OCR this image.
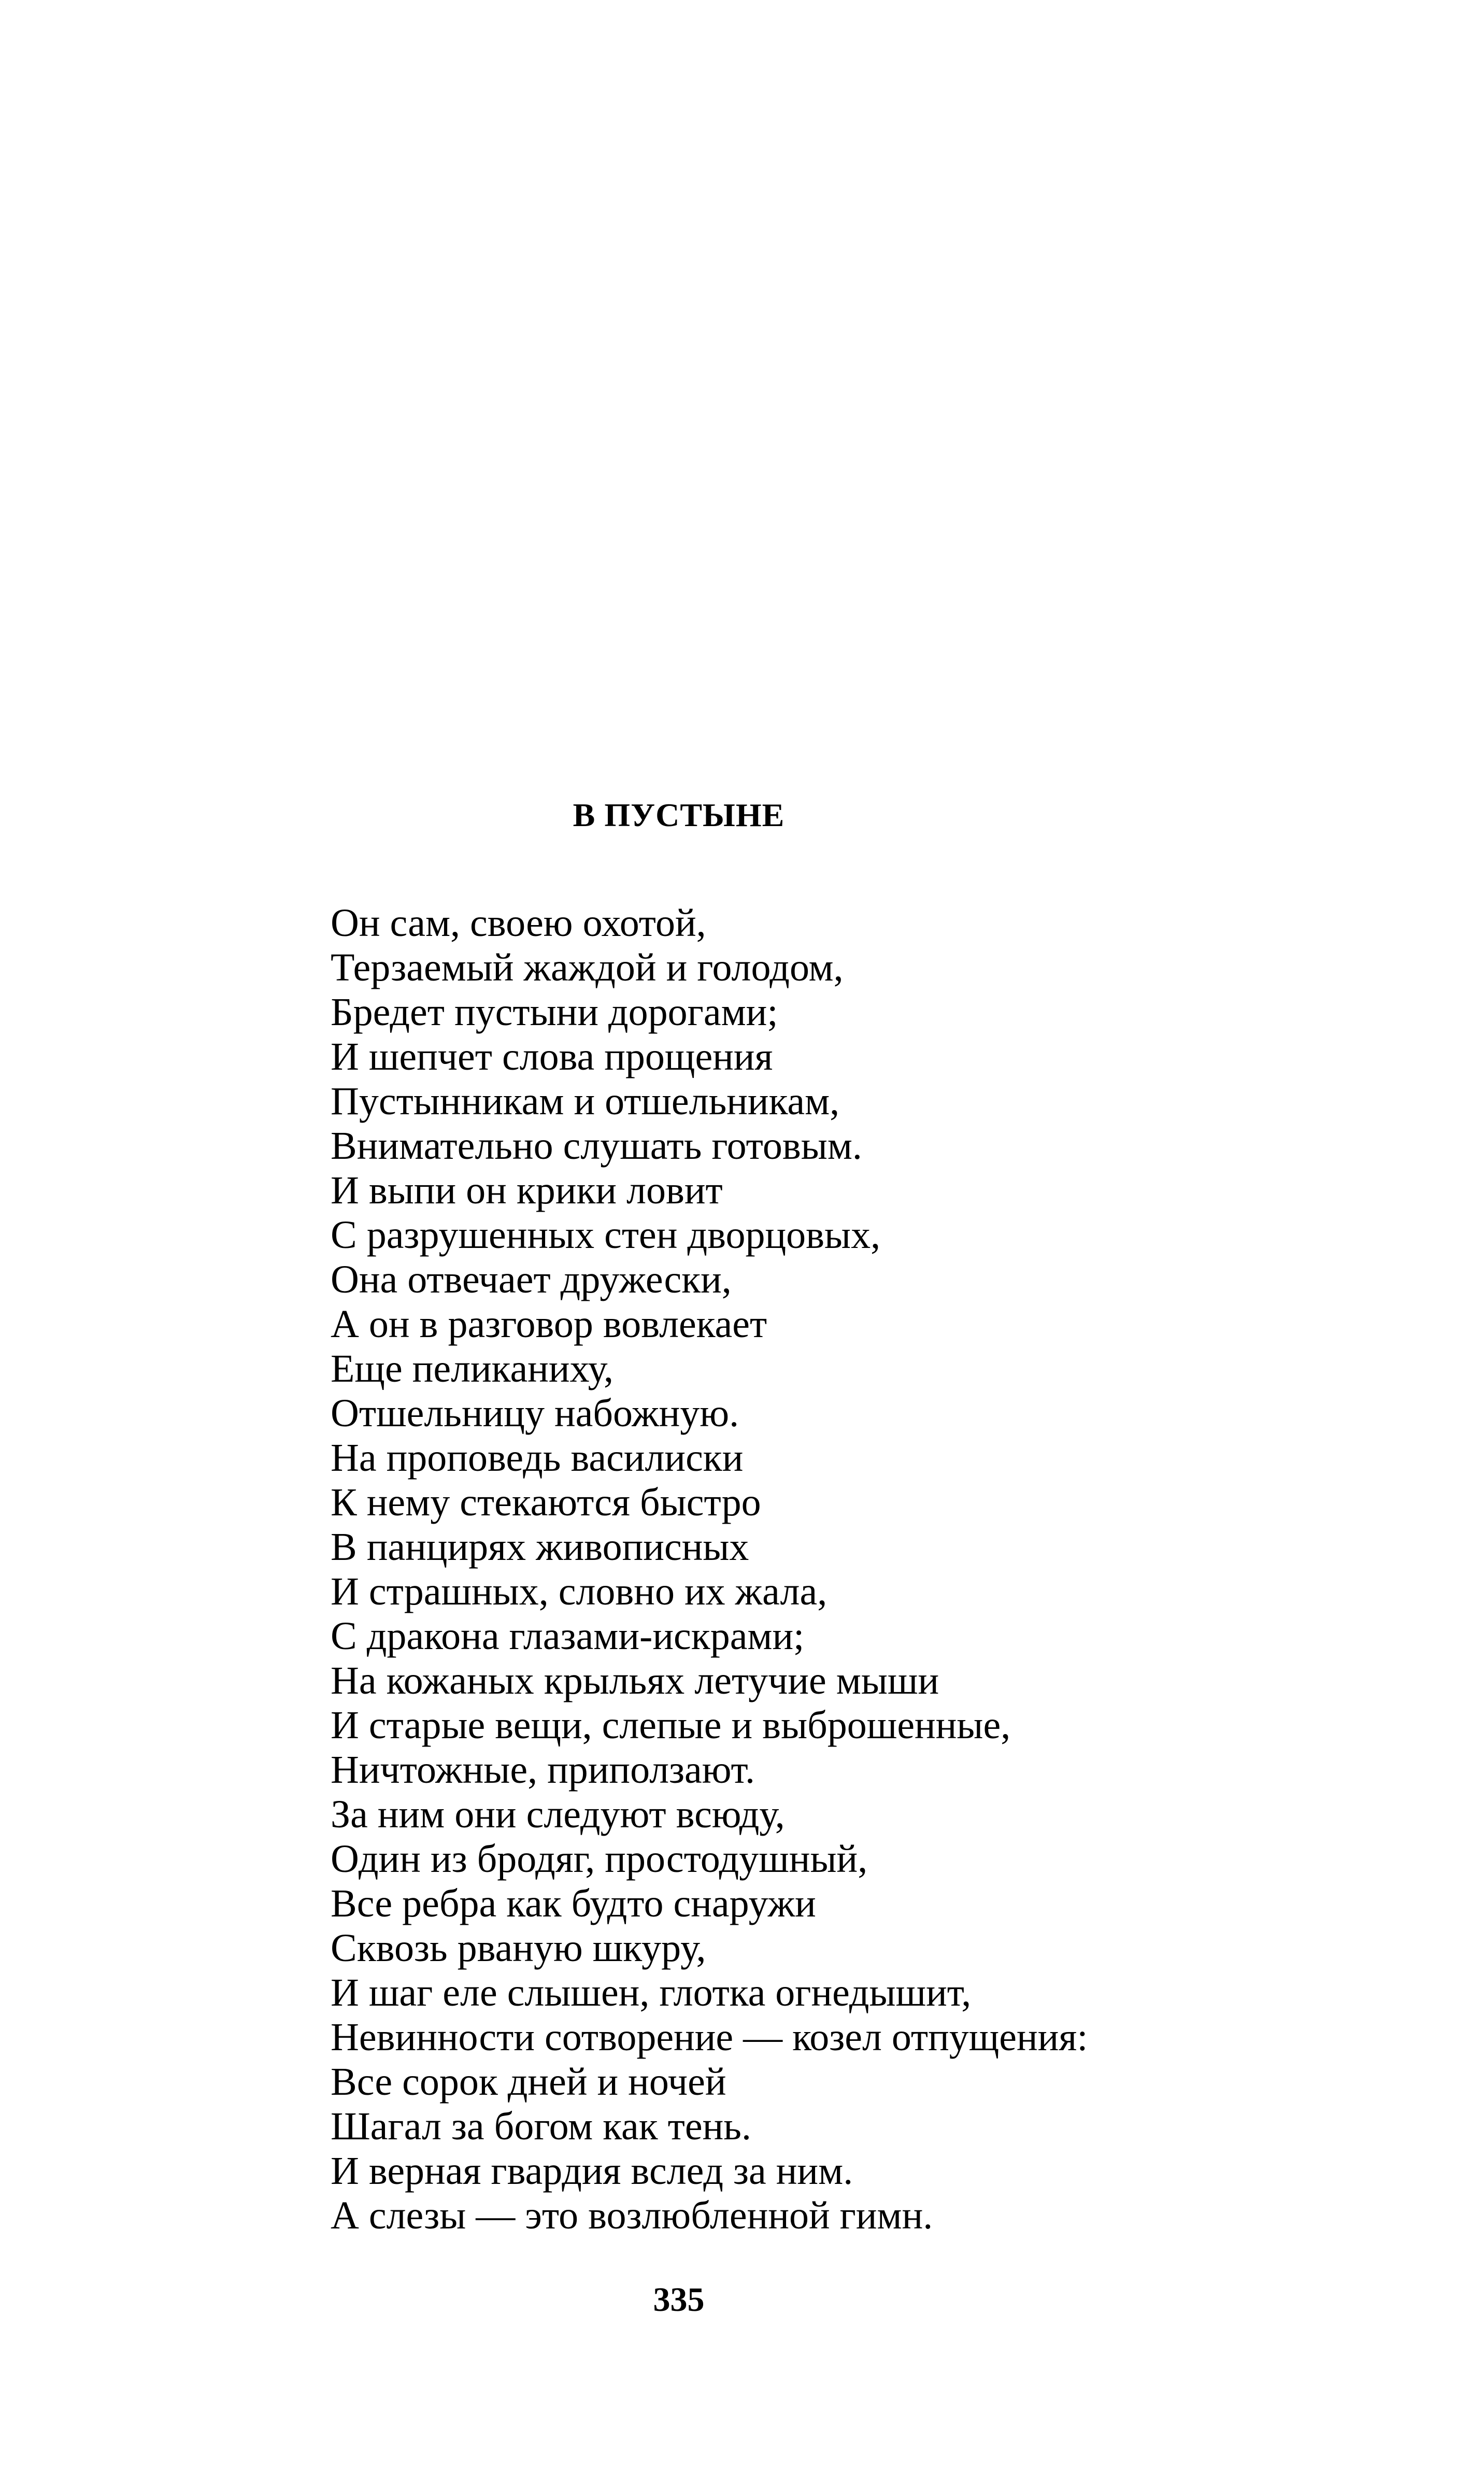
В ПУСТЫНЕ
Он сам, своею охотой,
Терзаемый жаждой и голодом,
Бредет пустыни дорогами;
И шепчет слова прощения
Пустынникам и отшельникам,
Внимательно слушать готовым.
И выпи он крики ловит
С разрушенных стен дворцовых,
Она отвечает дружески,
А он в разговор вовлекает
Еще пеликаниху,
Отшельницу набожную.
На проповедь василиски
К нему стекаются быстро
В панцирях живописных
И страшных, словно их жала,
С дракона глазами-искрами;
На кожаных крыльях летучие мыши
И старые вещи, слепые и выброшенные,
Ничтожные, приползают.
За ним они следуют всюду,
Один из бродяг, простодушный,
Все ребра как будто снаружи
Сквозь рваную шкуру,
И шаг еле слышен, глотка огнедышит,
Невинности сотворение — козел отпущения:
Все сорок дней и ночей
Шагал за богом как тень.
И верная гвардия вслед за ним.
А слезы — это возлюбленной гимн.
335
